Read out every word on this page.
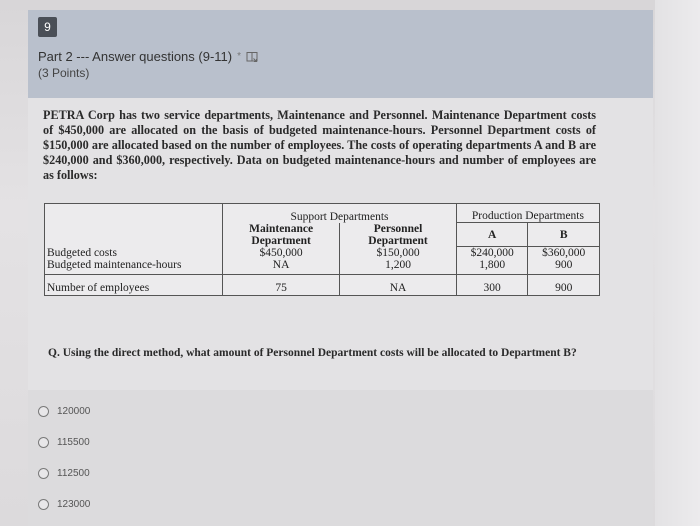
9
Part 2 --- Answer questions (9-11) *
(3 Points)
PETRA Corp has two service departments, Maintenance and Personnel. Maintenance Department costs of $450,000 are allocated on the basis of budgeted maintenance-hours. Personnel Department costs of $150,000 are allocated based on the number of employees. The costs of operating departments A and B are $240,000 and $360,000, respectively. Data on budgeted maintenance-hours and number of employees are as follows:
	Support Departments		Production Departments	
	Maintenance	Personnel	A	B
	Department	Department		
Budgeted costs	$450,000	$150,000	$240,000	$360,000
Budgeted maintenance-hours	NA	1,200	1,800	900
Number of employees	75	NA	300	900
Q. Using the direct method, what amount of Personnel Department costs will be allocated to Department B?
120000
115500
112500
123000
